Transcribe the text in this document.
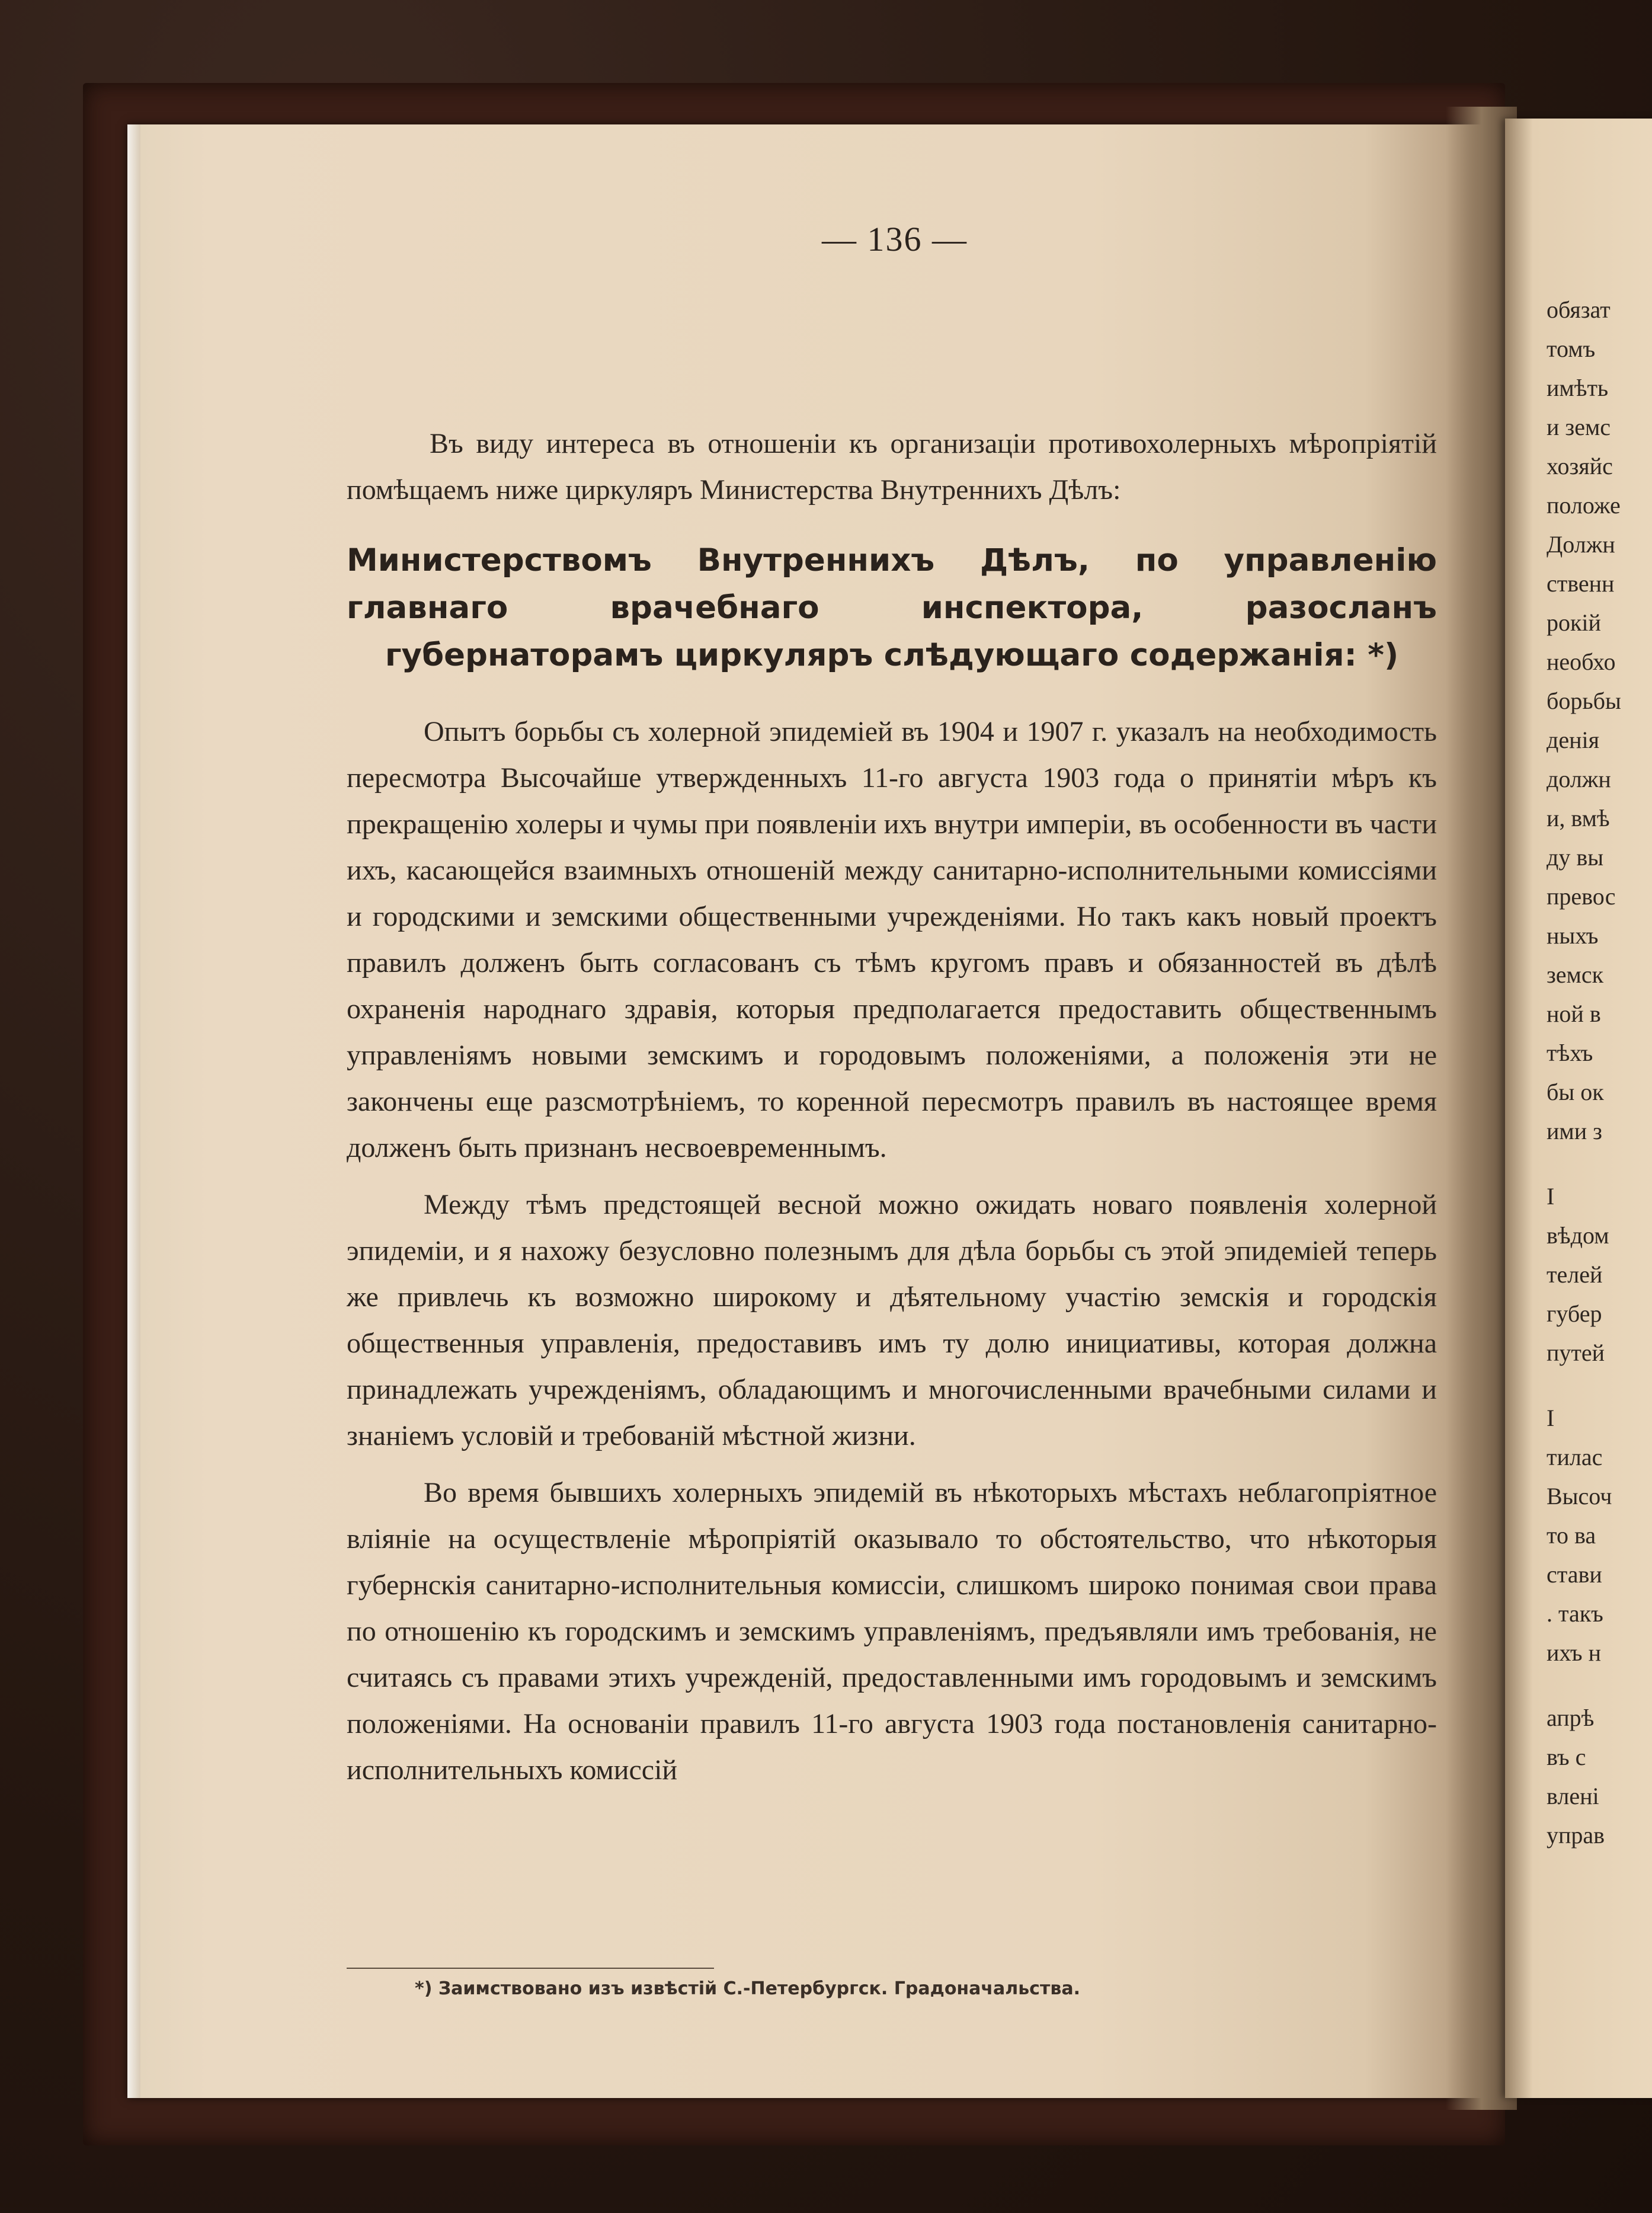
обязат
томъ
имѣть
и земс
хозяйс
положе
Должн
ственн
рокiй
необхо
борьбы
денiя
должн
и, вмѣ
ду вы
превос
ныхъ
земск
ной в
тѣхъ
бы ок
ими з
I
вѣдом
телей
губер
путей
I
тилас
Высоч
то ва
стави
. такъ
ихъ н
апрѣ
въ с
вленi
управ
— 136 —

Въ виду интереса въ отношенiи къ организацiи противохолерныхъ мѣропрiятiй помѣщаемъ ниже циркуляръ Министерства Внутреннихъ Дѣлъ:

Министерствомъ Внутреннихъ Дѣлъ, по управленiю главнаго врачебнаго инспектора, разосланъ губернаторамъ циркуляръ слѣдующаго содержанiя: *)

Опытъ борьбы съ холерной эпидемiей въ 1904 и 1907 г. указалъ на необходимость пересмотра Высочайше утвержденныхъ 11-го августа 1903 года о принятiи мѣръ къ прекращенiю холеры и чумы при появленiи ихъ внутри имперiи, въ особенности въ части ихъ, касающейся взаимныхъ отношенiй между санитарно-исполнительными комиссiями и городскими и земскими общественными учрежденiями. Но такъ какъ новый проектъ правилъ долженъ быть согласованъ съ тѣмъ кругомъ правъ и обязанностей въ дѣлѣ охраненiя народнаго здравiя, которыя предполагается предоставить общественнымъ управленiямъ новыми земскимъ и городовымъ положенiями, а положенiя эти не закончены еще разсмотрѣнiемъ, то коренной пересмотръ правилъ въ настоящее время долженъ быть признанъ несвоевременнымъ.

Между тѣмъ предстоящей весной можно ожидать новаго появленiя холерной эпидемiи, и я нахожу безусловно полезнымъ для дѣла борьбы съ этой эпидемiей теперь же привлечь къ возможно широкому и дѣятельному участiю земскiя и городскiя общественныя управленiя, предоставивъ имъ ту долю инициативы, которая должна принадлежать учрежденiямъ, обладающимъ и многочисленными врачебными силами и знанiемъ условiй и требованiй мѣстной жизни.

Во время бывшихъ холерныхъ эпидемiй въ нѣкоторыхъ мѣстахъ неблагопрiятное влiянiе на осуществленiе мѣропрiятiй оказывало то обстоятельство, что нѣкоторыя губернскiя санитарно-исполнительныя комиссiи, слишкомъ широко понимая свои права по отношенiю къ городскимъ и земскимъ управленiямъ, предъявляли имъ требованiя, не считаясь съ правами этихъ учрежденiй, предоставленными имъ городовымъ и земскимъ положенiями. На основанiи правилъ 11-го августа 1903 года постановленiя санитарно-исполнительныхъ комиссiй

*) Заимствовано изъ извѣстiй С.-Петербургск. Градоначальства.
